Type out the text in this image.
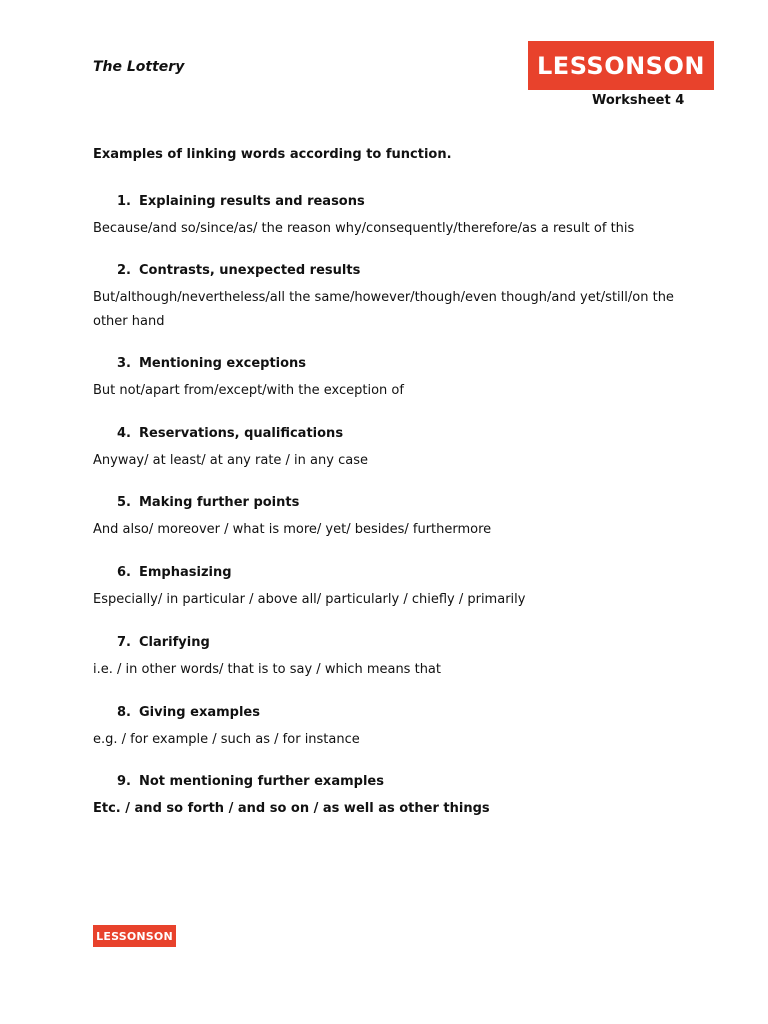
The Lottery	LESSONSON
Worksheet 4
Examples of linking words according to function.
1. Explaining results and reasons
Because/and so/since/as/ the reason why/consequently/therefore/as a result of this
2. Contrasts, unexpected results
But/although/nevertheless/all the same/however/though/even though/and yet/still/on the other hand
3. Mentioning exceptions
But not/apart from/except/with the exception of
4. Reservations, qualifications
Anyway/ at least/ at any rate / in any case
5. Making further points
And also/ moreover / what is more/ yet/ besides/ furthermore
6. Emphasizing
Especially/ in particular / above all/ particularly / chiefly / primarily
7. Clarifying
i.e. / in other words/ that is to say / which means that
8. Giving examples
e.g. / for example / such as / for instance
9. Not mentioning further examples
Etc. / and so forth / and so on / as well as other things
LESSONSON
